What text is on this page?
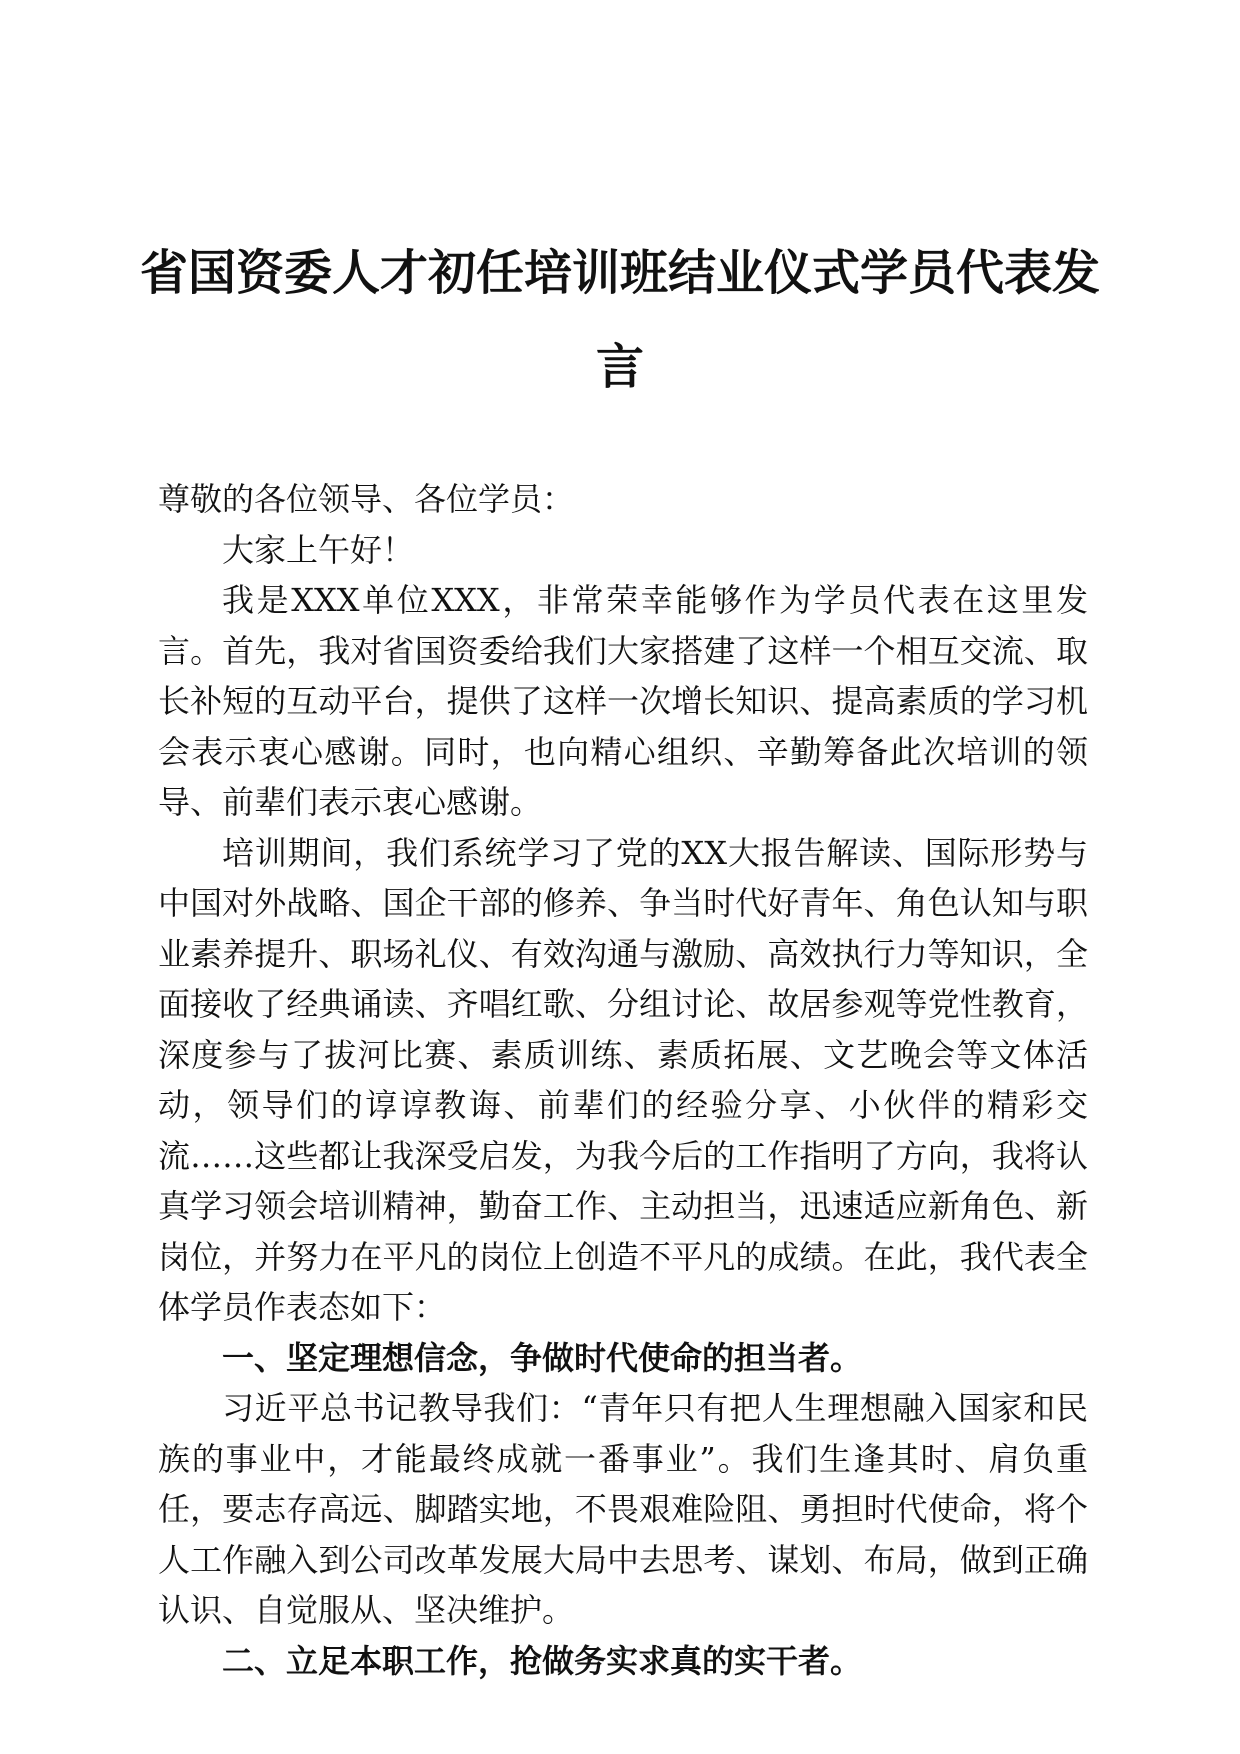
省国资委人才初任培训班结业仪式学员代表发
言

尊敬的各位领导、各位学员：

大家上午好！

我是XXX单位XXX，非常荣幸能够作为学员代表在这里发言。首先，我对省国资委给我们大家搭建了这样一个相互交流、取长补短的互动平台，提供了这样一次增长知识、提高素质的学习机会表示衷心感谢。同时，也向精心组织、辛勤筹备此次培训的领导、前辈们表示衷心感谢。

培训期间，我们系统学习了党的XX大报告解读、国际形势与中国对外战略、国企干部的修养、争当时代好青年、角色认知与职业素养提升、职场礼仪、有效沟通与激励、高效执行力等知识，全面接收了经典诵读、齐唱红歌、分组讨论、故居参观等党性教育，深度参与了拔河比赛、素质训练、素质拓展、文艺晚会等文体活动，领导们的谆谆教诲、前辈们的经验分享、小伙伴的精彩交流……这些都让我深受启发，为我今后的工作指明了方向，我将认真学习领会培训精神，勤奋工作、主动担当，迅速适应新角色、新岗位，并努力在平凡的岗位上创造不平凡的成绩。在此，我代表全体学员作表态如下：

一、坚定理想信念，争做时代使命的担当者。

习近平总书记教导我们：“青年只有把人生理想融入国家和民族的事业中，才能最终成就一番事业”。我们生逢其时、肩负重任，要志存高远、脚踏实地，不畏艰难险阻、勇担时代使命，将个人工作融入到公司改革发展大局中去思考、谋划、布局，做到正确认识、自觉服从、坚决维护。

二、立足本职工作，抢做务实求真的实干者。
